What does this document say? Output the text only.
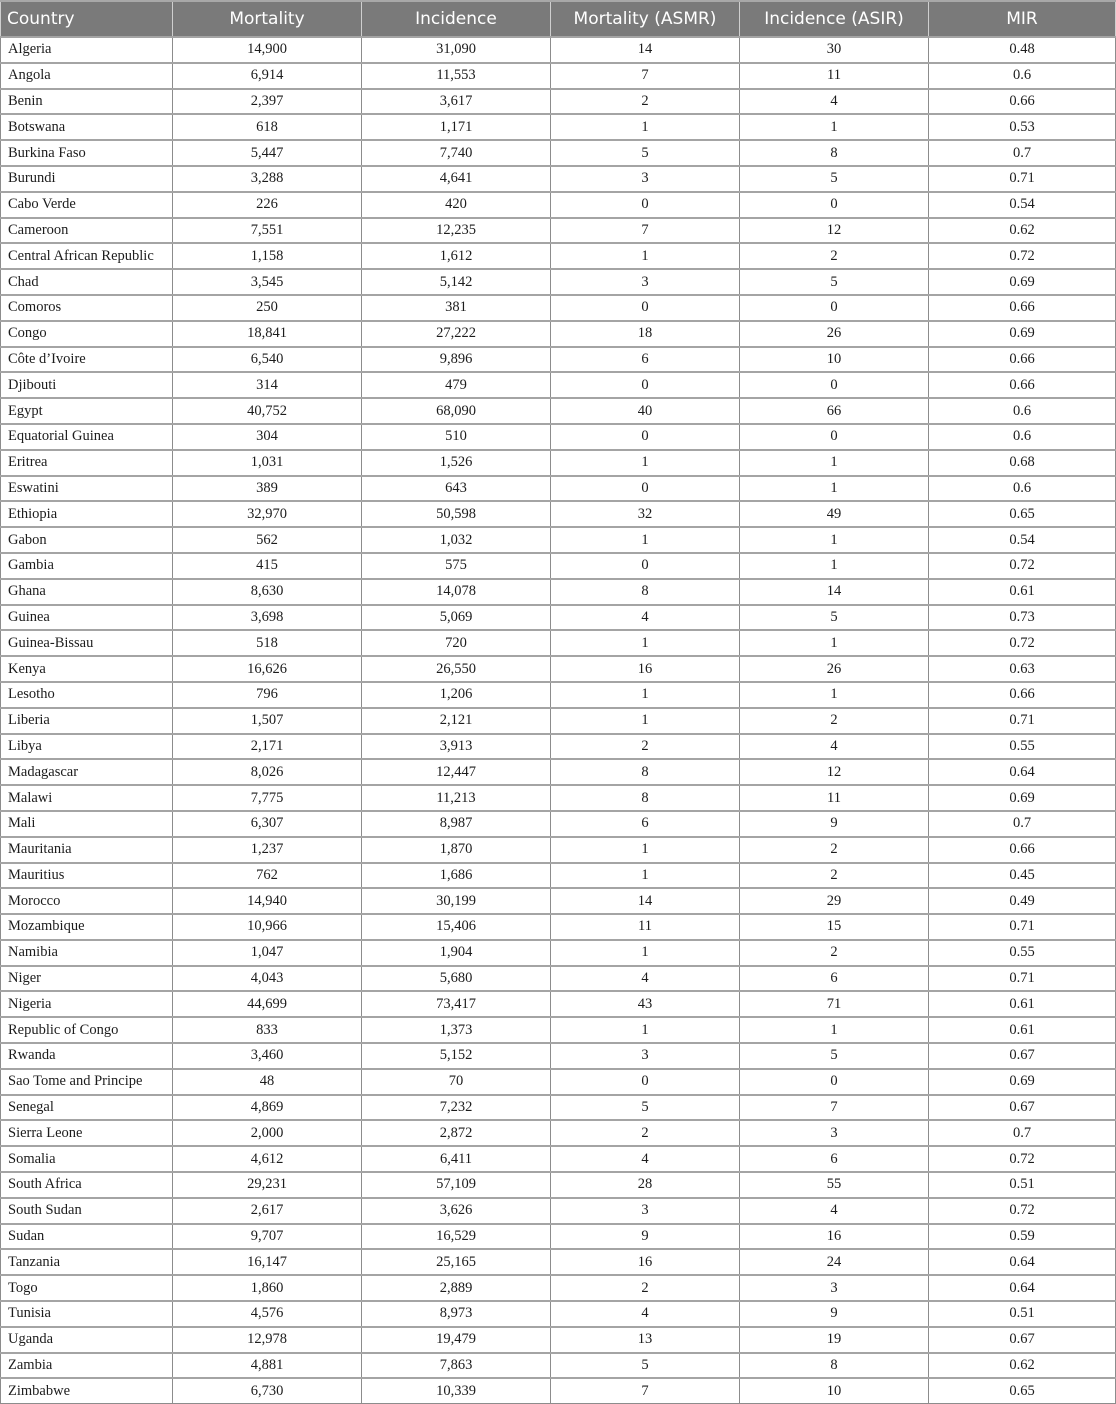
Country	Mortality	Incidence	Mortality (ASMR)	Incidence (ASIR)	MIR
Algeria	14,900	31,090	14	30	0.48
Angola	6,914	11,553	7	11	0.6
Benin	2,397	3,617	2	4	0.66
Botswana	618	1,171	1	1	0.53
Burkina Faso	5,447	7,740	5	8	0.7
Burundi	3,288	4,641	3	5	0.71
Cabo Verde	226	420	0	0	0.54
Cameroon	7,551	12,235	7	12	0.62
Central African Republic	1,158	1,612	1	2	0.72
Chad	3,545	5,142	3	5	0.69
Comoros	250	381	0	0	0.66
Congo	18,841	27,222	18	26	0.69
Côte d’Ivoire	6,540	9,896	6	10	0.66
Djibouti	314	479	0	0	0.66
Egypt	40,752	68,090	40	66	0.6
Equatorial Guinea	304	510	0	0	0.6
Eritrea	1,031	1,526	1	1	0.68
Eswatini	389	643	0	1	0.6
Ethiopia	32,970	50,598	32	49	0.65
Gabon	562	1,032	1	1	0.54
Gambia	415	575	0	1	0.72
Ghana	8,630	14,078	8	14	0.61
Guinea	3,698	5,069	4	5	0.73
Guinea-Bissau	518	720	1	1	0.72
Kenya	16,626	26,550	16	26	0.63
Lesotho	796	1,206	1	1	0.66
Liberia	1,507	2,121	1	2	0.71
Libya	2,171	3,913	2	4	0.55
Madagascar	8,026	12,447	8	12	0.64
Malawi	7,775	11,213	8	11	0.69
Mali	6,307	8,987	6	9	0.7
Mauritania	1,237	1,870	1	2	0.66
Mauritius	762	1,686	1	2	0.45
Morocco	14,940	30,199	14	29	0.49
Mozambique	10,966	15,406	11	15	0.71
Namibia	1,047	1,904	1	2	0.55
Niger	4,043	5,680	4	6	0.71
Nigeria	44,699	73,417	43	71	0.61
Republic of Congo	833	1,373	1	1	0.61
Rwanda	3,460	5,152	3	5	0.67
Sao Tome and Principe	48	70	0	0	0.69
Senegal	4,869	7,232	5	7	0.67
Sierra Leone	2,000	2,872	2	3	0.7
Somalia	4,612	6,411	4	6	0.72
South Africa	29,231	57,109	28	55	0.51
South Sudan	2,617	3,626	3	4	0.72
Sudan	9,707	16,529	9	16	0.59
Tanzania	16,147	25,165	16	24	0.64
Togo	1,860	2,889	2	3	0.64
Tunisia	4,576	8,973	4	9	0.51
Uganda	12,978	19,479	13	19	0.67
Zambia	4,881	7,863	5	8	0.62
Zimbabwe	6,730	10,339	7	10	0.65
